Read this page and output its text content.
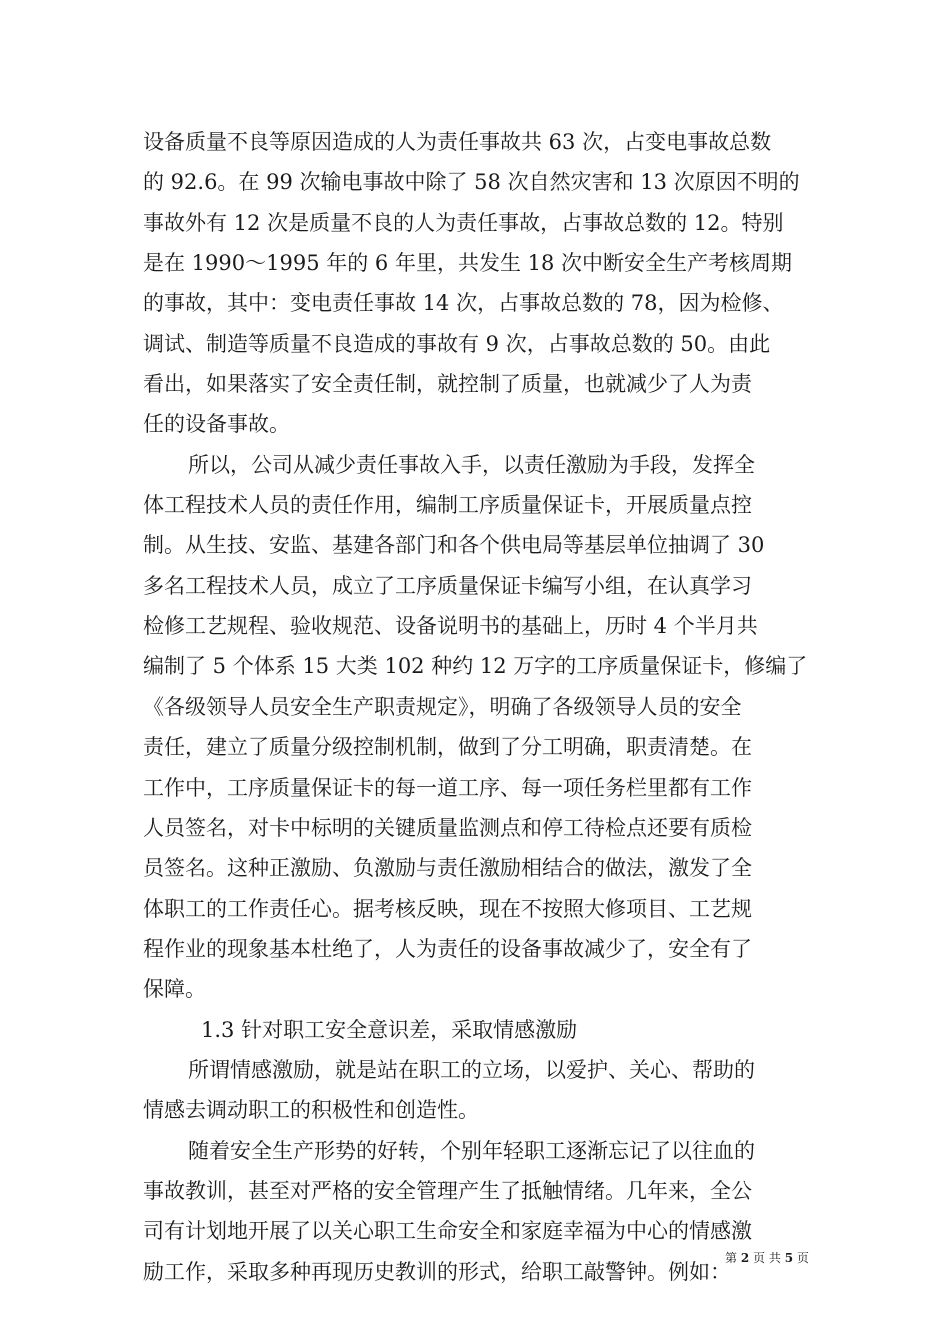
设备质量不良等原因造成的人为责任事故共 63 次，占变电事故总数
的 92.6。在 99 次输电事故中除了 58 次自然灾害和 13 次原因不明的
事故外有 12 次是质量不良的人为责任事故，占事故总数的 12。特别
是在 1990～1995 年的 6 年里，共发生 18 次中断安全生产考核周期
的事故，其中：变电责任事故 14 次，占事故总数的 78，因为检修、
调试、制造等质量不良造成的事故有 9 次，占事故总数的 50。由此
看出，如果落实了安全责任制，就控制了质量，也就减少了人为责
任的设备事故。
所以，公司从减少责任事故入手，以责任激励为手段，发挥全
体工程技术人员的责任作用，编制工序质量保证卡，开展质量点控
制。从生技、安监、基建各部门和各个供电局等基层单位抽调了 30
多名工程技术人员，成立了工序质量保证卡编写小组，在认真学习
检修工艺规程、验收规范、设备说明书的基础上，历时 4 个半月共
编制了 5 个体系 15 大类 102 种约 12 万字的工序质量保证卡，修编了
《各级领导人员安全生产职责规定》，明确了各级领导人员的安全
责任，建立了质量分级控制机制，做到了分工明确，职责清楚。在
工作中，工序质量保证卡的每一道工序、每一项任务栏里都有工作
人员签名，对卡中标明的关键质量监测点和停工待检点还要有质检
员签名。这种正激励、负激励与责任激励相结合的做法，激发了全
体职工的工作责任心。据考核反映，现在不按照大修项目、工艺规
程作业的现象基本杜绝了，人为责任的设备事故减少了，安全有了
保障。
1.3 针对职工安全意识差，采取情感激励
所谓情感激励，就是站在职工的立场，以爱护、关心、帮助的
情感去调动职工的积极性和创造性。
随着安全生产形势的好转，个别年轻职工逐渐忘记了以往血的
事故教训，甚至对严格的安全管理产生了抵触情绪。几年来，全公
司有计划地开展了以关心职工生命安全和家庭幸福为中心的情感激
励工作，采取多种再现历史教训的形式，给职工敲警钟。例如：
第 2 页 共 5 页
